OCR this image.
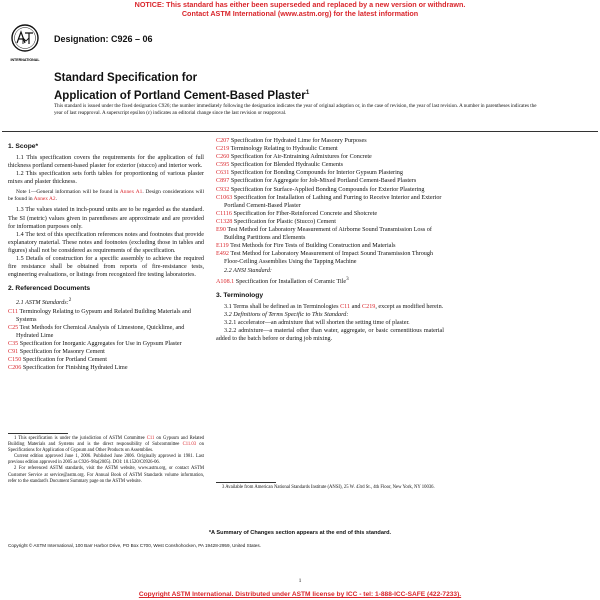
NOTICE: This standard has either been superseded and replaced by a new version or withdrawn.
Contact ASTM International (www.astm.org) for the latest information
INTERNATIONAL
Designation: C926 – 06
Standard Specification for
Application of Portland Cement-Based Plaster$^1$
This standard is issued under the fixed designation C926; the number immediately following the designation indicates the year of original adoption or, in the case of revision, the year of last revision. A number in parentheses indicates the year of last reapproval. A superscript epsilon (ε) indicates an editorial change since the last revision or reapproval.

1. Scope*

1.1 This specification covers the requirements for the application of full thickness portland cement-based plaster for exterior (stucco) and interior work.

1.2 This specification sets forth tables for proportioning of various plaster mixes and plaster thickness.

Note 1—General information will be found in Annex A1. Design considerations will be found in Annex A2.

1.3 The values stated in inch-pound units are to be regarded as the standard. The SI (metric) values given in parentheses are approximate and are provided for information purposes only.

1.4 The text of this specification references notes and footnotes that provide explanatory material. These notes and footnotes (excluding those in tables and figures) shall not be considered as requirements of the specification.

1.5 Details of construction for a specific assembly to achieve the required fire resistance shall be obtained from reports of fire-resistance tests, engineering evaluations, or listings from recognized fire testing laboratories.

2. Referenced Documents

2.1 ASTM Standards:$^2$

C11 Terminology Relating to Gypsum and Related Building Materials and Systems

C25 Test Methods for Chemical Analysis of Limestone, Quicklime, and Hydrated Lime

C35 Specification for Inorganic Aggregates for Use in Gypsum Plaster

C91 Specification for Masonry Cement

C150 Specification for Portland Cement

C206 Specification for Finishing Hydrated Lime

1 This specification is under the jurisdiction of ASTM Committee C11 on Gypsum and Related Building Materials and Systems and is the direct responsibility of Subcommittee C11.03 on Specifications for Application of Gypsum and Other Products on Assemblies.

Current edition approved June 1, 2006. Published June 2006. Originally approved in 1981. Last previous edition approved in 2005 as C926–98a(2005). DOI: 10.1520/C0926-06.

2 For referenced ASTM standards, visit the ASTM website, www.astm.org, or contact ASTM Customer Service at service@astm.org. For Annual Book of ASTM Standards volume information, refer to the standard's Document Summary page on the ASTM website.

C207 Specification for Hydrated Lime for Masonry Purposes

C219 Terminology Relating to Hydraulic Cement

C260 Specification for Air-Entraining Admixtures for Concrete

C595 Specification for Blended Hydraulic Cements

C631 Specification for Bonding Compounds for Interior Gypsum Plastering

C897 Specification for Aggregate for Job-Mixed Portland Cement-Based Plasters

C932 Specification for Surface-Applied Bonding Compounds for Exterior Plastering

C1063 Specification for Installation of Lathing and Furring to Receive Interior and Exterior Portland Cement-Based Plaster

C1116 Specification for Fiber-Reinforced Concrete and Shotcrete

C1328 Specification for Plastic (Stucco) Cement

E90 Test Method for Laboratory Measurement of Airborne Sound Transmission Loss of Building Partitions and Elements

E119 Test Methods for Fire Tests of Building Construction and Materials

E492 Test Method for Laboratory Measurement of Impact Sound Transmission Through Floor-Ceiling Assemblies Using the Tapping Machine

2.2 ANSI Standard:

A108.1 Specification for Installation of Ceramic Tile$^3$

3. Terminology

3.1 Terms shall be defined as in Terminologies C11 and C219, except as modified herein.

3.2 Definitions of Terms Specific to This Standard:

3.2.1 accelerator—an admixture that will shorten the setting time of plaster.

3.2.2 admixture—a material other than water, aggregate, or basic cementitious material added to the batch before or during job mixing.

3 Available from American National Standards Institute (ANSI), 25 W. 43rd St., 4th Floor, New York, NY 10036.

*A Summary of Changes section appears at the end of this standard.
Copyright © ASTM International, 100 Barr Harbor Drive, PO Box C700, West Conshohocken, PA 19428-2959, United States.
1
Copyright ASTM International. Distributed under ASTM license by ICC - tel: 1-888-ICC-SAFE (422-7233).
